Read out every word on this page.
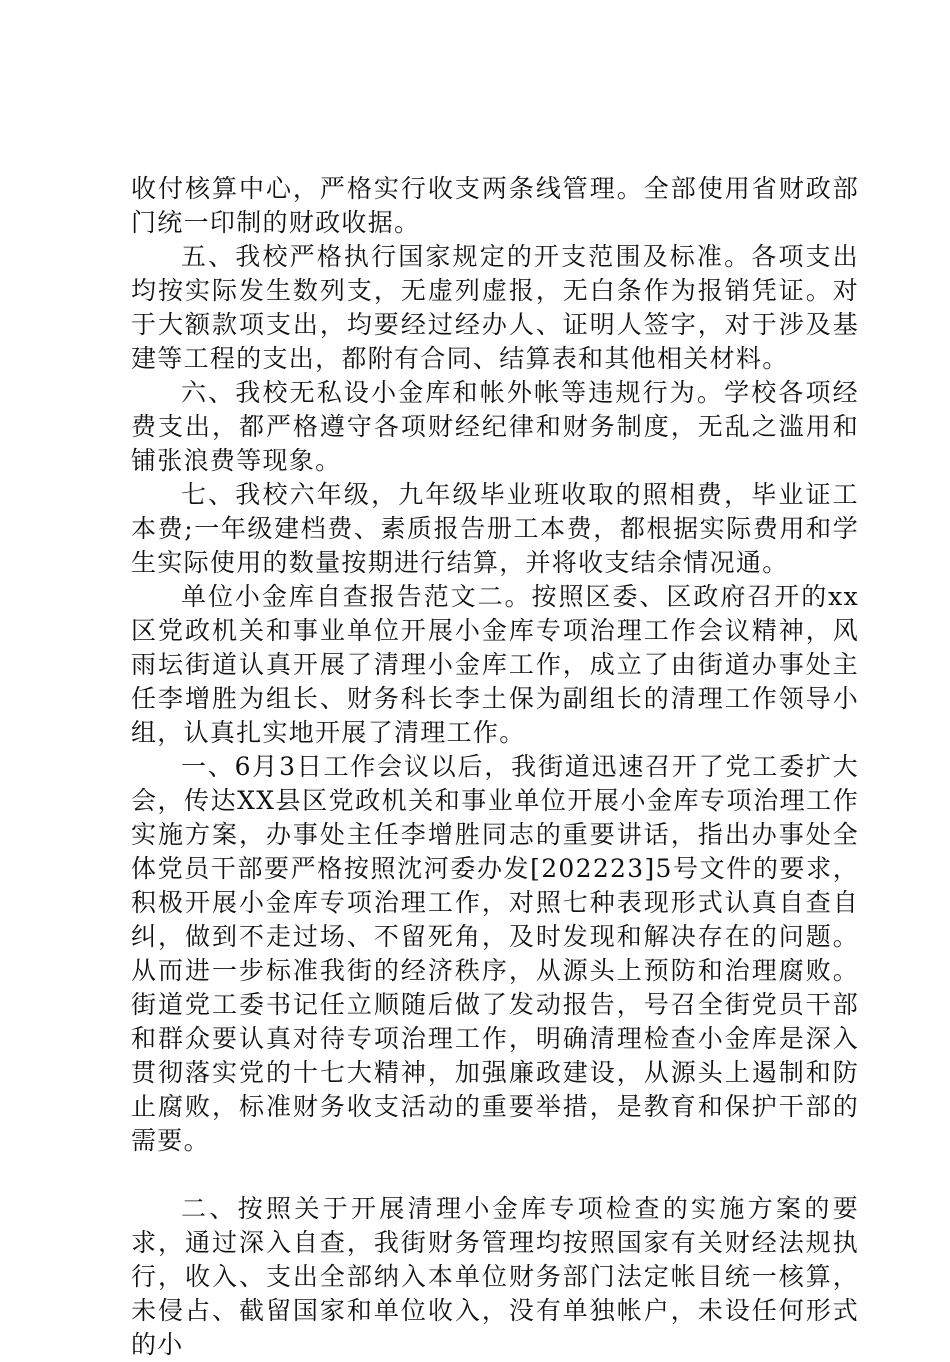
收付核算中心，严格实行收支两条线管理。全部使用省财政部门统一印制的财政收据。

五、我校严格执行国家规定的开支范围及标准。各项支出均按实际发生数列支，无虚列虚报，无白条作为报销凭证。对于大额款项支出，均要经过经办人、证明人签字，对于涉及基建等工程的支出，都附有合同、结算表和其他相关材料。

六、我校无私设小金库和帐外帐等违规行为。学校各项经费支出，都严格遵守各项财经纪律和财务制度，无乱之滥用和铺张浪费等现象。

七、我校六年级，九年级毕业班收取的照相费，毕业证工本费;一年级建档费、素质报告册工本费，都根据实际费用和学生实际使用的数量按期进行结算，并将收支结余情况通。

单位小金库自查报告范文二。按照区委、区政府召开的xx区党政机关和事业单位开展小金库专项治理工作会议精神，风雨坛街道认真开展了清理小金库工作，成立了由街道办事处主任李增胜为组长、财务科长李土保为副组长的清理工作领导小组，认真扎实地开展了清理工作。

一、6月3日工作会议以后，我街道迅速召开了党工委扩大会，传达XX县区党政机关和事业单位开展小金库专项治理工作实施方案，办事处主任李增胜同志的重要讲话，指出办事处全体党员干部要严格按照沈河委办发[202223]5号文件的要求，积极开展小金库专项治理工作，对照七种表现形式认真自查自纠，做到不走过场、不留死角，及时发现和解决存在的问题。从而进一步标准我街的经济秩序，从源头上预防和治理腐败。街道党工委书记任立顺随后做了发动报告，号召全街党员干部和群众要认真对待专项治理工作，明确清理检查小金库是深入贯彻落实党的十七大精神，加强廉政建设，从源头上遏制和防止腐败，标准财务收支活动的重要举措，是教育和保护干部的需要。

二、按照关于开展清理小金库专项检查的实施方案的要求，通过深入自查，我街财务管理均按照国家有关财经法规执行，收入、支出全部纳入本单位财务部门法定帐目统一核算，未侵占、截留国家和单位收入，没有单独帐户，未设任何形式的小
